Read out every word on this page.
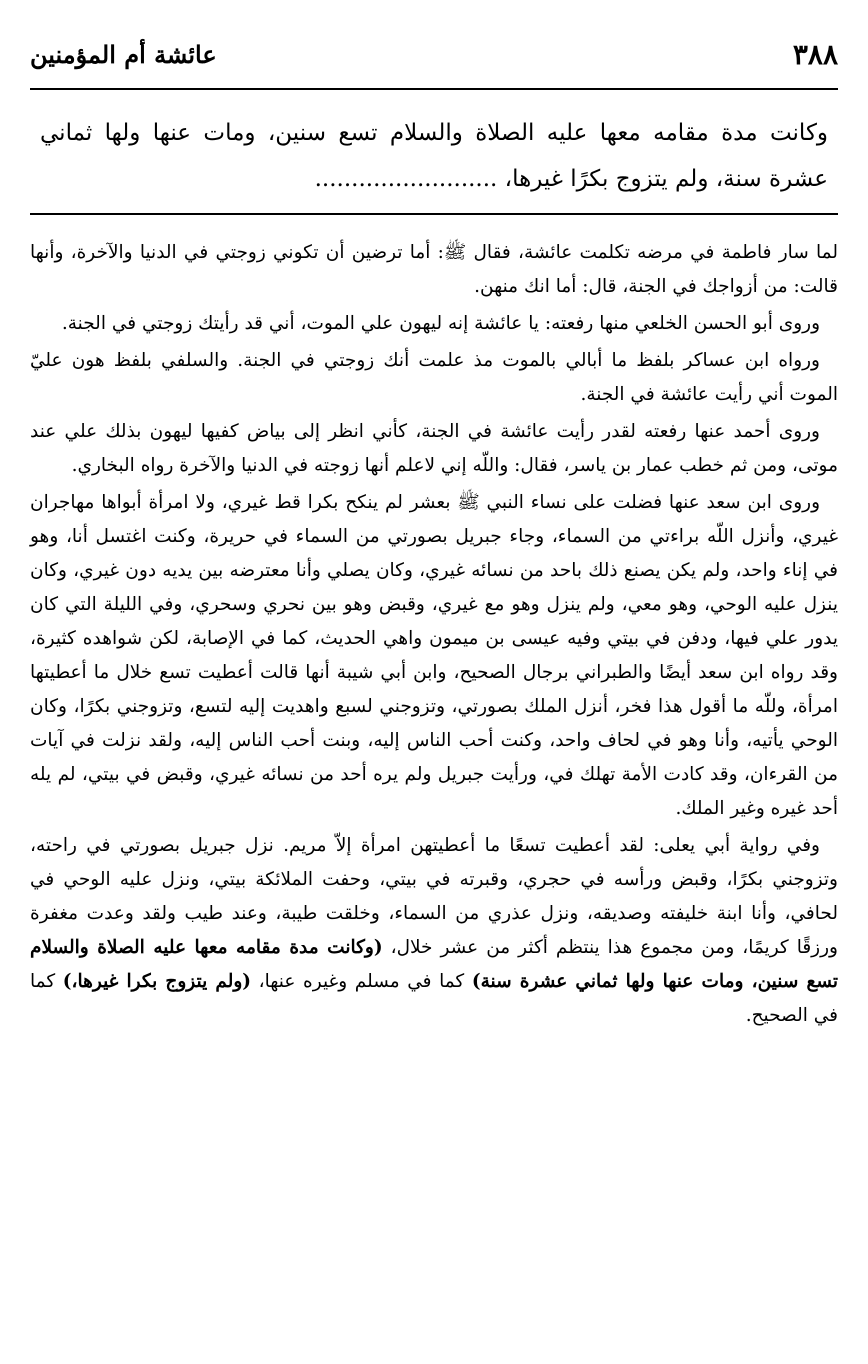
٣٨٨
عائشة أم المؤمنين
وكانت مدة مقامه معها عليه الصلاة والسلام تسع سنين، ومات عنها ولها ثماني عشرة سنة، ولم يتزوج بكرًا غيرها، .........................

لما سار فاطمة في مرضه تكلمت عائشة، فقال ﷺ: أما ترضين أن تكوني زوجتي في الدنيا والآخرة، وأنها قالت: من أزواجك في الجنة، قال: أما انك منهن.

وروى أبو الحسن الخلعي منها رفعته: يا عائشة إنه ليهون علي الموت، أني قد رأيتك زوجتي في الجنة.

ورواه ابن عساكر بلفظ ما أبالي بالموت مذ علمت أنك زوجتي في الجنة. والسلفي بلفظ هون عليّ الموت أني رأيت عائشة في الجنة.

وروى أحمد عنها رفعته لقدر رأيت عائشة في الجنة، كأني انظر إلى بياض كفيها ليهون بذلك علي عند موتى، ومن ثم خطب عمار بن ياسر، فقال: واللّه إني لاعلم أنها زوجته في الدنيا والآخرة رواه البخاري.

وروى ابن سعد عنها فضلت على نساء النبي ﷺ بعشر لم ينكح بكرا قط غيري، ولا امرأة أبواها مهاجران غيري، وأنزل اللّه براءتي من السماء، وجاء جبريل بصورتي من السماء في حريرة، وكنت اغتسل أنا، وهو في إناء واحد، ولم يكن يصنع ذلك باحد من نسائه غيري، وكان يصلي وأنا معترضه بين يديه دون غيري، وكان ينزل عليه الوحي، وهو معي، ولم ينزل وهو مع غيري، وقبض وهو بين نحري وسحري، وفي الليلة التي كان يدور علي فيها، ودفن في بيتي وفيه عيسى بن ميمون واهي الحديث، كما في الإصابة، لكن شواهده كثيرة، وقد رواه ابن سعد أيضًا والطبراني برجال الصحيح، وابن أبي شيبة أنها قالت أعطيت تسع خلال ما أعطيتها امرأة، وللّه ما أقول هذا فخر، أنزل الملك بصورتي، وتزوجني لسبع واهديت إليه لتسع، وتزوجني بكرًا، وكان الوحي يأتيه، وأنا وهو في لحاف واحد، وكنت أحب الناس إليه، وبنت أحب الناس إليه، ولقد نزلت في آيات من القرءان، وقد كادت الأمة تهلك في، ورأيت جبريل ولم يره أحد من نسائه غيري، وقبض في بيتي، لم يله أحد غيره وغير الملك.

وفي رواية أبي يعلى: لقد أعطيت تسعًا ما أعطيتهن امرأة إلاّ مريم. نزل جبريل بصورتي في راحته، وتزوجني بكرًا، وقبض ورأسه في حجري، وقبرته في بيتي، وحفت الملائكة بيتي، ونزل عليه الوحي في لحافي، وأنا ابنة خليفته وصديقه، ونزل عذري من السماء، وخلقت طيبة، وعند طيب ولقد وعدت مغفرة ورزقًا كريمًا، ومن مجموع هذا ينتظم أكثر من عشر خلال، (وكانت مدة مقامه معها عليه الصلاة والسلام تسع سنين، ومات عنها ولها ثماني عشرة سنة) كما في مسلم وغيره عنها، (ولم يتزوج بكرا غيرها،) كما في الصحيح.
